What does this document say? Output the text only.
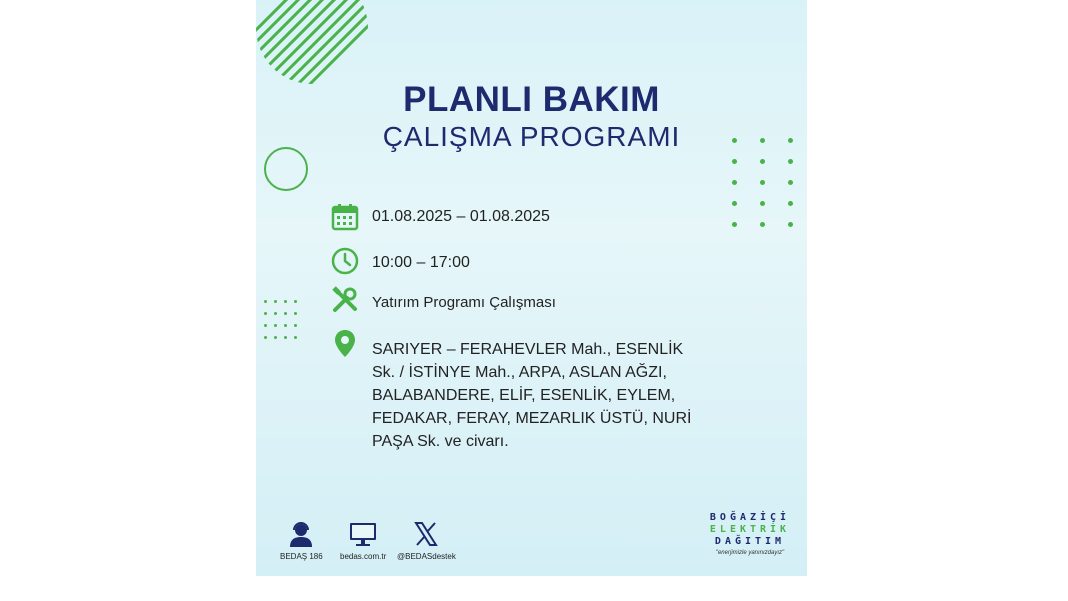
PLANLI BAKIM
ÇALIŞMA PROGRAMI
01.08.2025 – 01.08.2025
10:00 – 17:00
Yatırım Programı Çalışması
SARIYER – FERAHEVLER Mah., ESENLİK Sk. / İSTİNYE Mah., ARPA, ASLAN AĞZI, BALABANDERE, ELİF, ESENLİK, EYLEM, FEDAKAR, FERAY, MEZARLIK ÜSTÜ, NURİ PAŞA Sk. ve civarı.
BEDAŞ 186 bedas.com.tr @BEDASdestek
BOĞAZİÇİ
ELEKTRİK
DAĞITIM
"enerjimizle yanınızdayız"
